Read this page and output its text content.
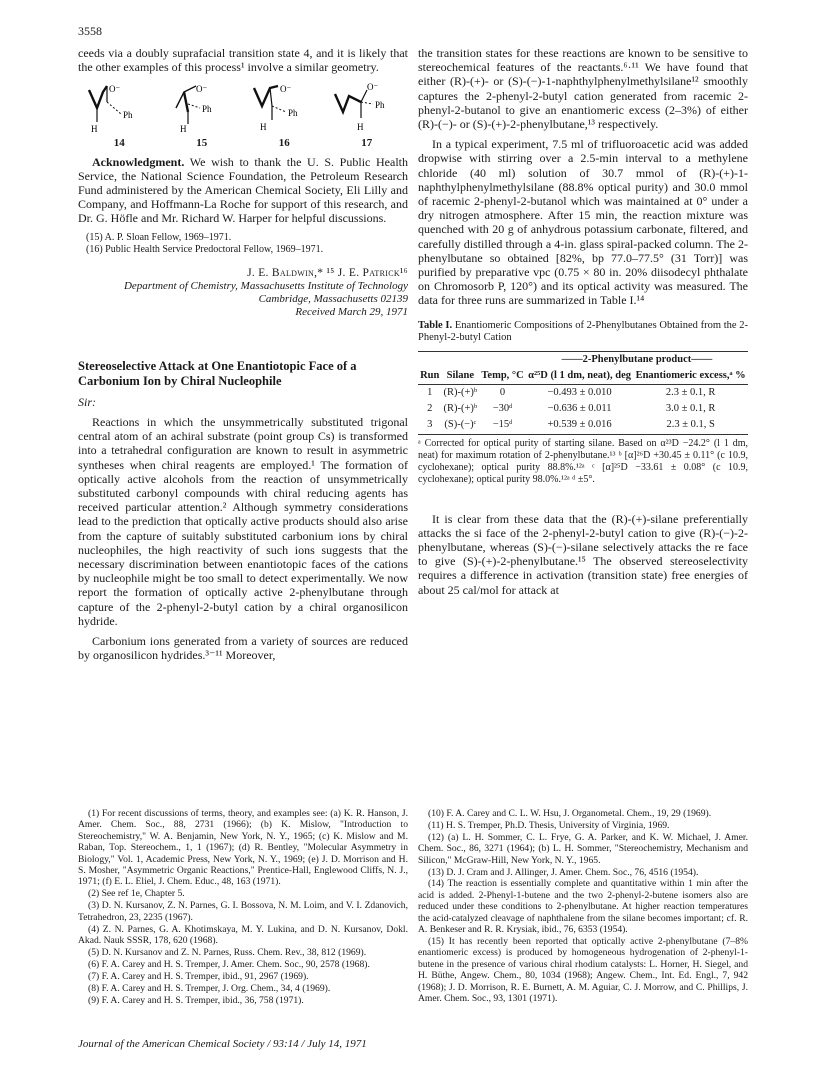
3558

ceeds via a doubly suprafacial transition state 4, and it is likely that the other examples of this process¹ involve a similar geometry.

O⁻
Ph
H
14
O⁻
Ph
H
15
O⁻
Ph
H
16
O⁻
Ph
H
17

Acknowledgment. We wish to thank the U. S. Public Health Service, the National Science Foundation, the Petroleum Research Fund administered by the American Chemical Society, Eli Lilly and Company, and Hoffmann-La Roche for support of this research, and Dr. G. Höfle and Mr. Richard W. Harper for helpful discussions.

(15) A. P. Sloan Fellow, 1969–1971.
(16) Public Health Service Predoctoral Fellow, 1969–1971.
J. E. Baldwin,* ¹⁵ J. E. Patrick¹⁶
Department of Chemistry, Massachusetts Institute of Technology
Cambridge, Massachusetts 02139
Received March 29, 1971
Stereoselective Attack at One Enantiotopic Face of a Carbonium Ion by Chiral Nucleophile
Sir:

Reactions in which the unsymmetrically substituted trigonal central atom of an achiral substrate (point group Cs) is transformed into a tetrahedral configuration are known to result in asymmetric syntheses when chiral reagents are employed.¹ The formation of optically active alcohols from the reaction of unsymmetrically substituted carbonyl compounds with chiral reducing agents has received particular attention.² Although symmetry considerations lead to the prediction that optically active products should also arise from the capture of suitably substituted carbonium ions by chiral nucleophiles, the high reactivity of such ions suggests that the necessary discrimination between enantiotopic faces of the cations by nucleophile might be too small to detect experimentally. We now report the formation of optically active 2-phenylbutane through capture of the 2-phenyl-2-butyl cation by a chiral organosilicon hydride.

Carbonium ions generated from a variety of sources are reduced by organosilicon hydrides.³⁻¹¹ Moreover,

the transition states for these reactions are known to be sensitive to stereochemical features of the reactants.⁶·¹¹ We have found that either (R)-(+)- or (S)-(−)-1-naphthylphenylmethylsilane¹² smoothly captures the 2-phenyl-2-butyl cation generated from racemic 2-phenyl-2-butanol to give an enantiomeric excess (2–3%) of either (R)-(−)- or (S)-(+)-2-phenylbutane,¹³ respectively.

In a typical experiment, 7.5 ml of trifluoroacetic acid was added dropwise with stirring over a 2.5-min interval to a methylene chloride (40 ml) solution of 30.7 mmol of (R)-(+)-1-naphthylphenylmethylsilane (88.8% optical purity) and 30.0 mmol of racemic 2-phenyl-2-butanol which was maintained at 0° under a dry nitrogen atmosphere. After 15 min, the reaction mixture was quenched with 20 g of anhydrous potassium carbonate, filtered, and carefully distilled through a 4-in. glass spiral-packed column. The 2-phenylbutane so obtained [82%, bp 77.0–77.5° (31 Torr)] was purified by preparative vpc (0.75 × 80 in. 20% diisodecyl phthalate on Chromosorb P, 120°) and its optical activity was measured. The data for three runs are summarized in Table I.¹⁴

Table I. Enantiomeric Compositions of 2-Phenylbutanes Obtained from the 2-Phenyl-2-butyl Cation
			——2-Phenylbutane product——	
Run	Silane	Temp, °C	α²⁵D (l 1 dm, neat), deg	Enantiomeric excess,ᵃ %
1	(R)-(+)ᵇ	0	−0.493 ± 0.010	2.3 ± 0.1, R
2	(R)-(+)ᵇ	−30ᵈ	−0.636 ± 0.011	3.0 ± 0.1, R
3	(S)-(−)ᶜ	−15ᵈ	+0.539 ± 0.016	2.3 ± 0.1, S
ᵃ Corrected for optical purity of starting silane. Based on α²³D −24.2° (l 1 dm, neat) for maximum rotation of 2-phenylbutane.¹³ ᵇ [α]²⁶D +30.45 ± 0.11° (c 10.9, cyclohexane); optical purity 88.8%.¹²ᵃ ᶜ [α]²⁵D −33.61 ± 0.08° (c 10.9, cyclohexane); optical purity 98.0%.¹²ᵃ ᵈ ±5°.

It is clear from these data that the (R)-(+)-silane preferentially attacks the si face of the 2-phenyl-2-butyl cation to give (R)-(−)-2-phenylbutane, whereas (S)-(−)-silane selectively attacks the re face to give (S)-(+)-2-phenylbutane.¹⁵ The observed stereoselectivity requires a difference in activation (transition state) free energies of about 25 cal/mol for attack at

(1) For recent discussions of terms, theory, and examples see: (a) K. R. Hanson, J. Amer. Chem. Soc., 88, 2731 (1966); (b) K. Mislow, "Introduction to Stereochemistry," W. A. Benjamin, New York, N. Y., 1965; (c) K. Mislow and M. Raban, Top. Stereochem., 1, 1 (1967); (d) R. Bentley, "Molecular Asymmetry in Biology," Vol. 1, Academic Press, New York, N. Y., 1969; (e) J. D. Morrison and H. S. Mosher, "Asymmetric Organic Reactions," Prentice-Hall, Englewood Cliffs, N. J., 1971; (f) E. L. Eliel, J. Chem. Educ., 48, 163 (1971).
(2) See ref 1e, Chapter 5.
(3) D. N. Kursanov, Z. N. Parnes, G. I. Bossova, N. M. Loim, and V. I. Zdanovich, Tetrahedron, 23, 2235 (1967).
(4) Z. N. Parnes, G. A. Khotimskaya, M. Y. Lukina, and D. N. Kursanov, Dokl. Akad. Nauk SSSR, 178, 620 (1968).
(5) D. N. Kursanov and Z. N. Parnes, Russ. Chem. Rev., 38, 812 (1969).
(6) F. A. Carey and H. S. Tremper, J. Amer. Chem. Soc., 90, 2578 (1968).
(7) F. A. Carey and H. S. Tremper, ibid., 91, 2967 (1969).
(8) F. A. Carey and H. S. Tremper, J. Org. Chem., 34, 4 (1969).
(9) F. A. Carey and H. S. Tremper, ibid., 36, 758 (1971).
(10) F. A. Carey and C. L. W. Hsu, J. Organometal. Chem., 19, 29 (1969).
(11) H. S. Tremper, Ph.D. Thesis, University of Virginia, 1969.
(12) (a) L. H. Sommer, C. L. Frye, G. A. Parker, and K. W. Michael, J. Amer. Chem. Soc., 86, 3271 (1964); (b) L. H. Sommer, "Stereochemistry, Mechanism and Silicon," McGraw-Hill, New York, N. Y., 1965.
(13) D. J. Cram and J. Allinger, J. Amer. Chem. Soc., 76, 4516 (1954).
(14) The reaction is essentially complete and quantitative within 1 min after the acid is added. 2-Phenyl-1-butene and the two 2-phenyl-2-butene isomers also are reduced under these conditions to 2-phenylbutane. At higher reaction temperatures the acid-catalyzed cleavage of naphthalene from the silane becomes important; cf. R. A. Benkeser and R. R. Krysiak, ibid., 76, 6353 (1954).
(15) It has recently been reported that optically active 2-phenylbutane (7–8% enantiomeric excess) is produced by homogeneous hydrogenation of 2-phenyl-1-butene in the presence of various chiral rhodium catalysts: L. Horner, H. Siegel, and H. Büthe, Angew. Chem., 80, 1034 (1968); Angew. Chem., Int. Ed. Engl., 7, 942 (1968); J. D. Morrison, R. E. Burnett, A. M. Aguiar, C. J. Morrow, and C. Phillips, J. Amer. Chem. Soc., 93, 1301 (1971).
Journal of the American Chemical Society / 93:14 / July 14, 1971
